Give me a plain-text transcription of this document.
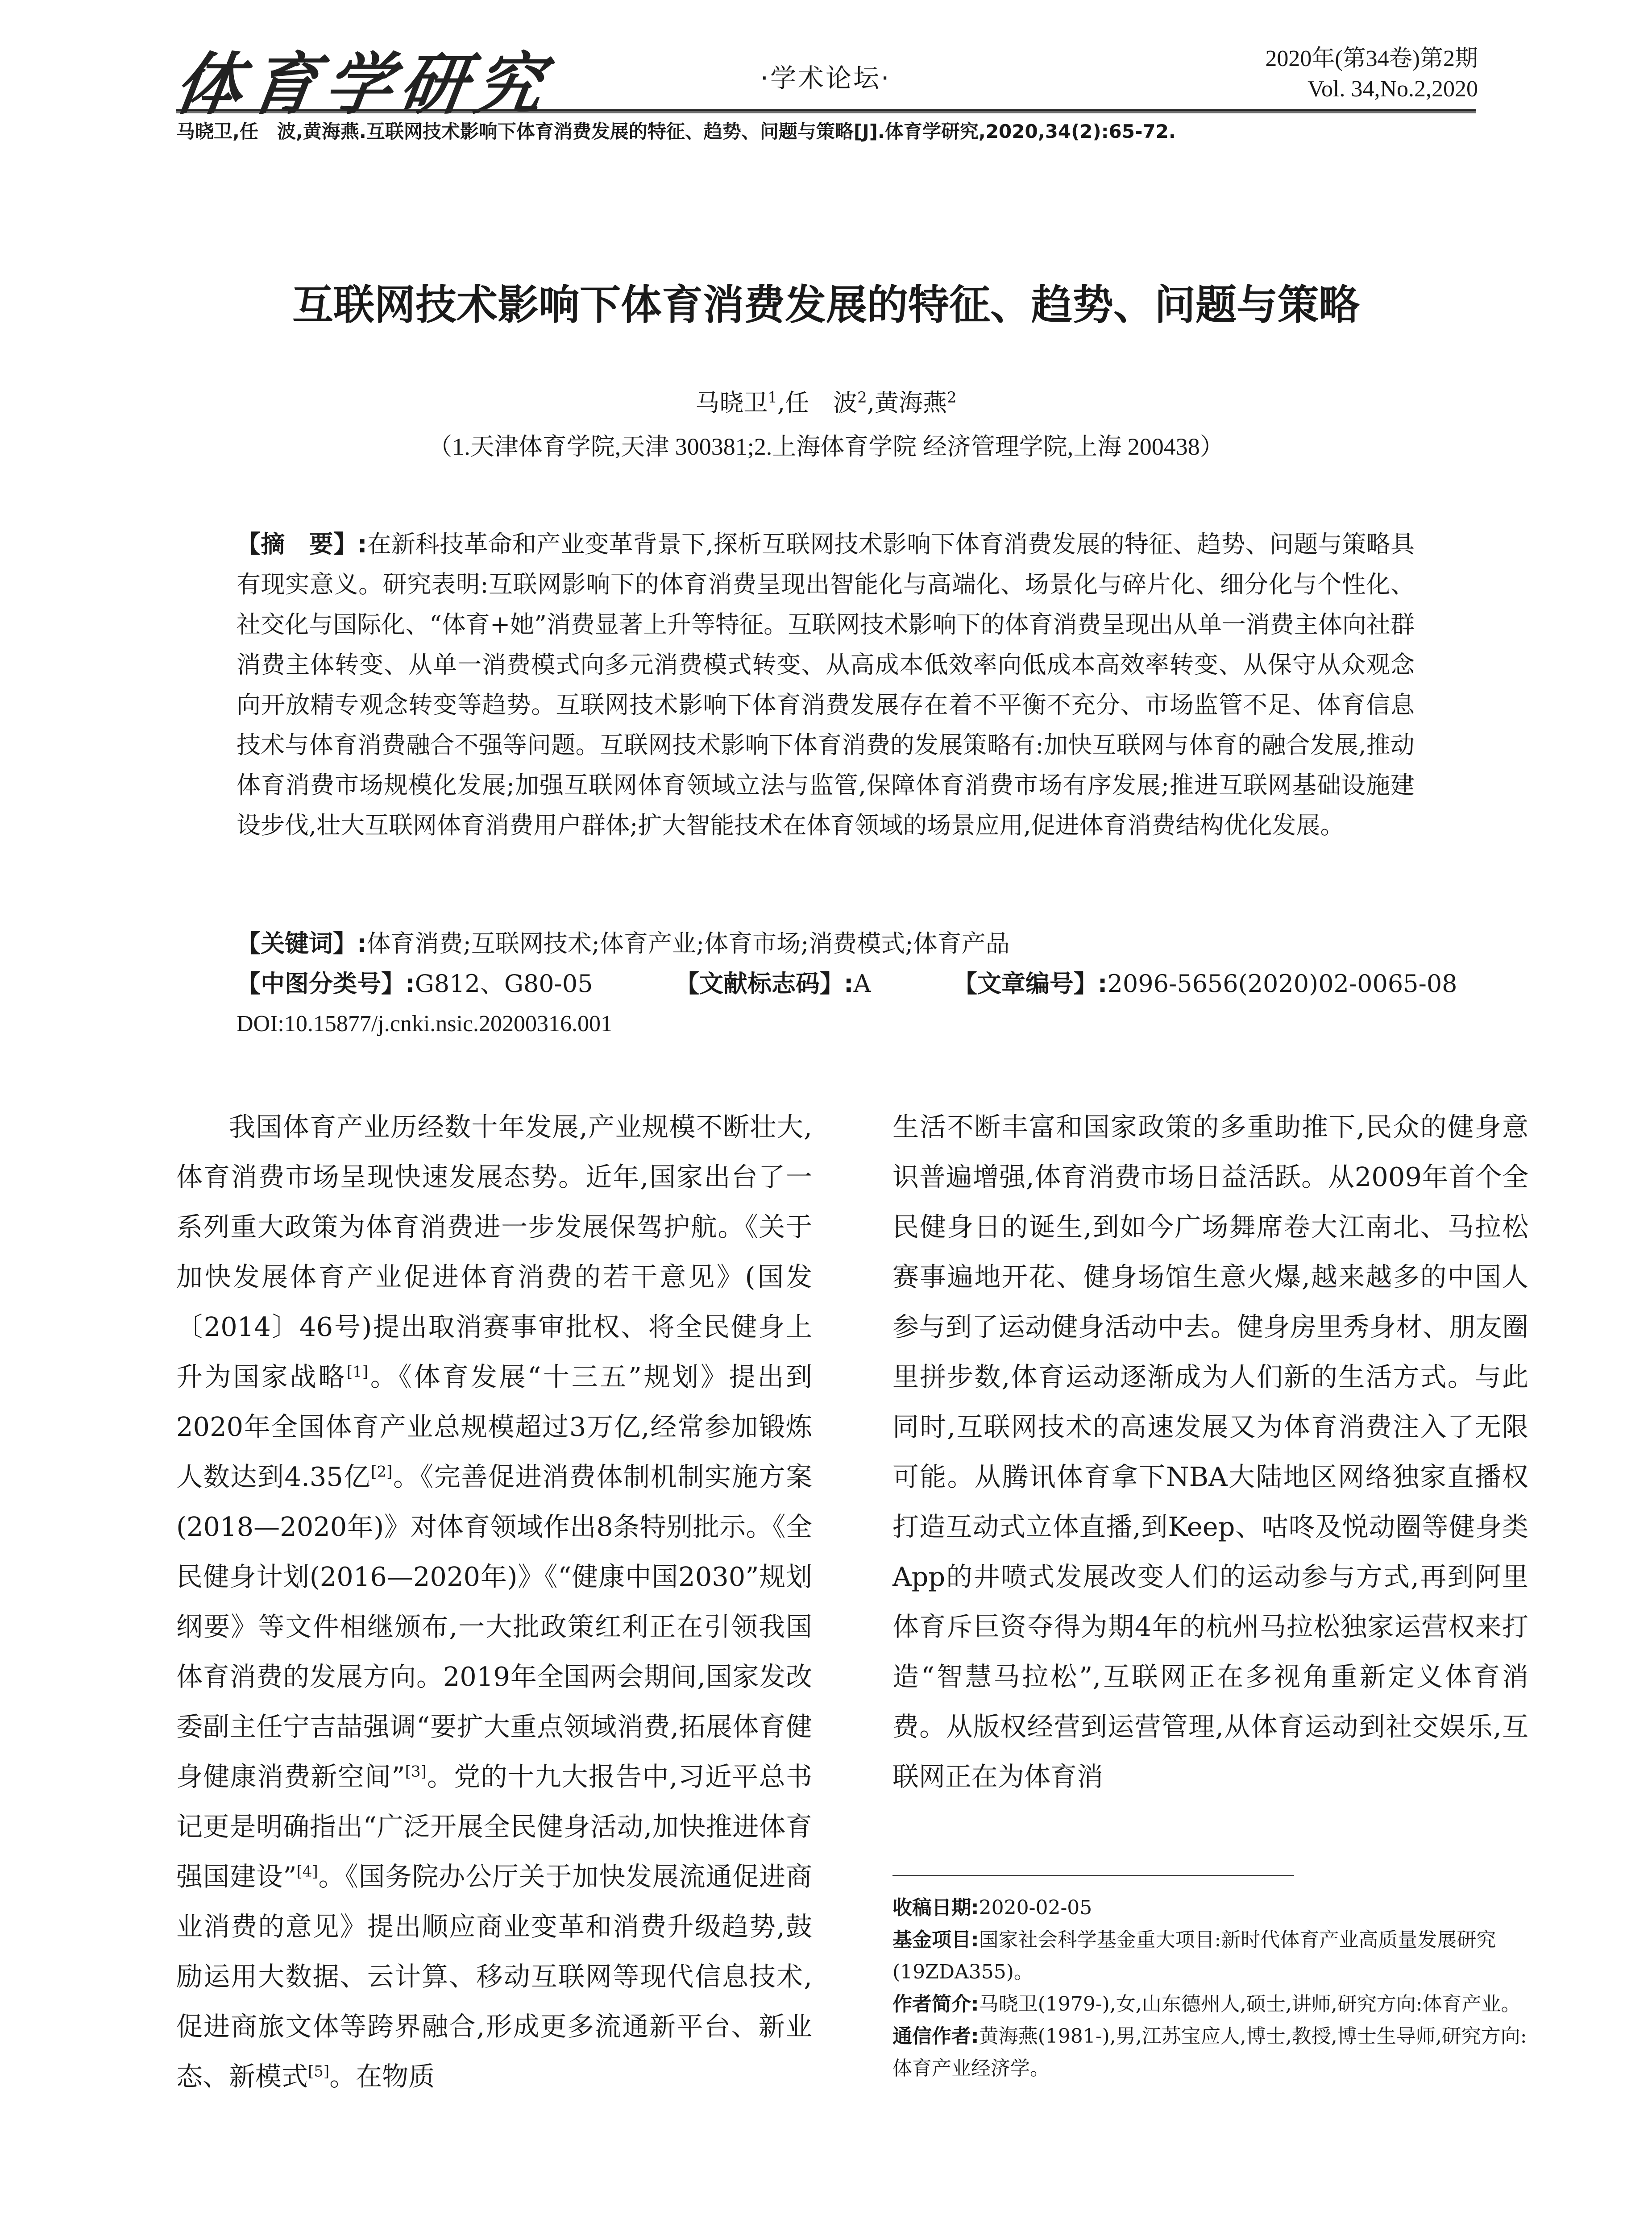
体育学研究	·学术论坛·
2020年(第34卷)第2期
Vol. 34,No.2,2020
马晓卫,任　波,黄海燕.互联网技术影响下体育消费发展的特征、趋势、问题与策略[J].体育学研究,2020,34(2):65-72.
互联网技术影响下体育消费发展的特征、趋势、问题与策略
马晓卫$^1$,任　波$^2$,黄海燕$^2$
（1.天津体育学院,天津 300381;2.上海体育学院 经济管理学院,上海 200438）
【摘　要】:在新科技革命和产业变革背景下,探析互联网技术影响下体育消费发展的特征、趋势、问题与策略具有现实意义。研究表明:互联网影响下的体育消费呈现出智能化与高端化、场景化与碎片化、细分化与个性化、社交化与国际化、“体育+她”消费显著上升等特征。互联网技术影响下的体育消费呈现出从单一消费主体向社群消费主体转变、从单一消费模式向多元消费模式转变、从高成本低效率向低成本高效率转变、从保守从众观念向开放精专观念转变等趋势。互联网技术影响下体育消费发展存在着不平衡不充分、市场监管不足、体育信息技术与体育消费融合不强等问题。互联网技术影响下体育消费的发展策略有:加快互联网与体育的融合发展,推动体育消费市场规模化发展;加强互联网体育领域立法与监管,保障体育消费市场有序发展;推进互联网基础设施建设步伐,壮大互联网体育消费用户群体;扩大智能技术在体育领域的场景应用,促进体育消费结构优化发展。
【关键词】:体育消费;互联网技术;体育产业;体育市场;消费模式;体育产品
【中图分类号】:G812、G80-05	【文献标志码】:A	【文章编号】:2096-5656(2020)02-0065-08
DOI:10.15877/j.cnki.nsic.20200316.001

我国体育产业历经数十年发展,产业规模不断壮大,体育消费市场呈现快速发展态势。近年,国家出台了一系列重大政策为体育消费进一步发展保驾护航。《关于加快发展体育产业促进体育消费的若干意见》(国发〔2014〕46号)提出取消赛事审批权、将全民健身上升为国家战略[1]。《体育发展“十三五”规划》提出到2020年全国体育产业总规模超过3万亿,经常参加锻炼人数达到4.35亿[2]。《完善促进消费体制机制实施方案(2018—2020年)》对体育领域作出8条特别批示。《全民健身计划(2016—2020年)》《“健康中国2030”规划纲要》等文件相继颁布,一大批政策红利正在引领我国体育消费的发展方向。2019年全国两会期间,国家发改委副主任宁吉喆强调“要扩大重点领域消费,拓展体育健身健康消费新空间”[3]。党的十九大报告中,习近平总书记更是明确指出“广泛开展全民健身活动,加快推进体育强国建设”[4]。《国务院办公厅关于加快发展流通促进商业消费的意见》提出顺应商业变革和消费升级趋势,鼓励运用大数据、云计算、移动互联网等现代信息技术,促进商旅文体等跨界融合,形成更多流通新平台、新业态、新模式[5]。在物质

生活不断丰富和国家政策的多重助推下,民众的健身意识普遍增强,体育消费市场日益活跃。从2009年首个全民健身日的诞生,到如今广场舞席卷大江南北、马拉松赛事遍地开花、健身场馆生意火爆,越来越多的中国人参与到了运动健身活动中去。健身房里秀身材、朋友圈里拼步数,体育运动逐渐成为人们新的生活方式。与此同时,互联网技术的高速发展又为体育消费注入了无限可能。从腾讯体育拿下NBA大陆地区网络独家直播权打造互动式立体直播,到Keep、咕咚及悦动圈等健身类App的井喷式发展改变人们的运动参与方式,再到阿里体育斥巨资夺得为期4年的杭州马拉松独家运营权来打造“智慧马拉松”,互联网正在多视角重新定义体育消费。从版权经营到运营管理,从体育运动到社交娱乐,互联网正在为体育消

收稿日期:2020-02-05

基金项目:国家社会科学基金重大项目:新时代体育产业高质量发展研究(19ZDA355)。

作者简介:马晓卫(1979-),女,山东德州人,硕士,讲师,研究方向:体育产业。

通信作者:黄海燕(1981-),男,江苏宝应人,博士,教授,博士生导师,研究方向:体育产业经济学。
